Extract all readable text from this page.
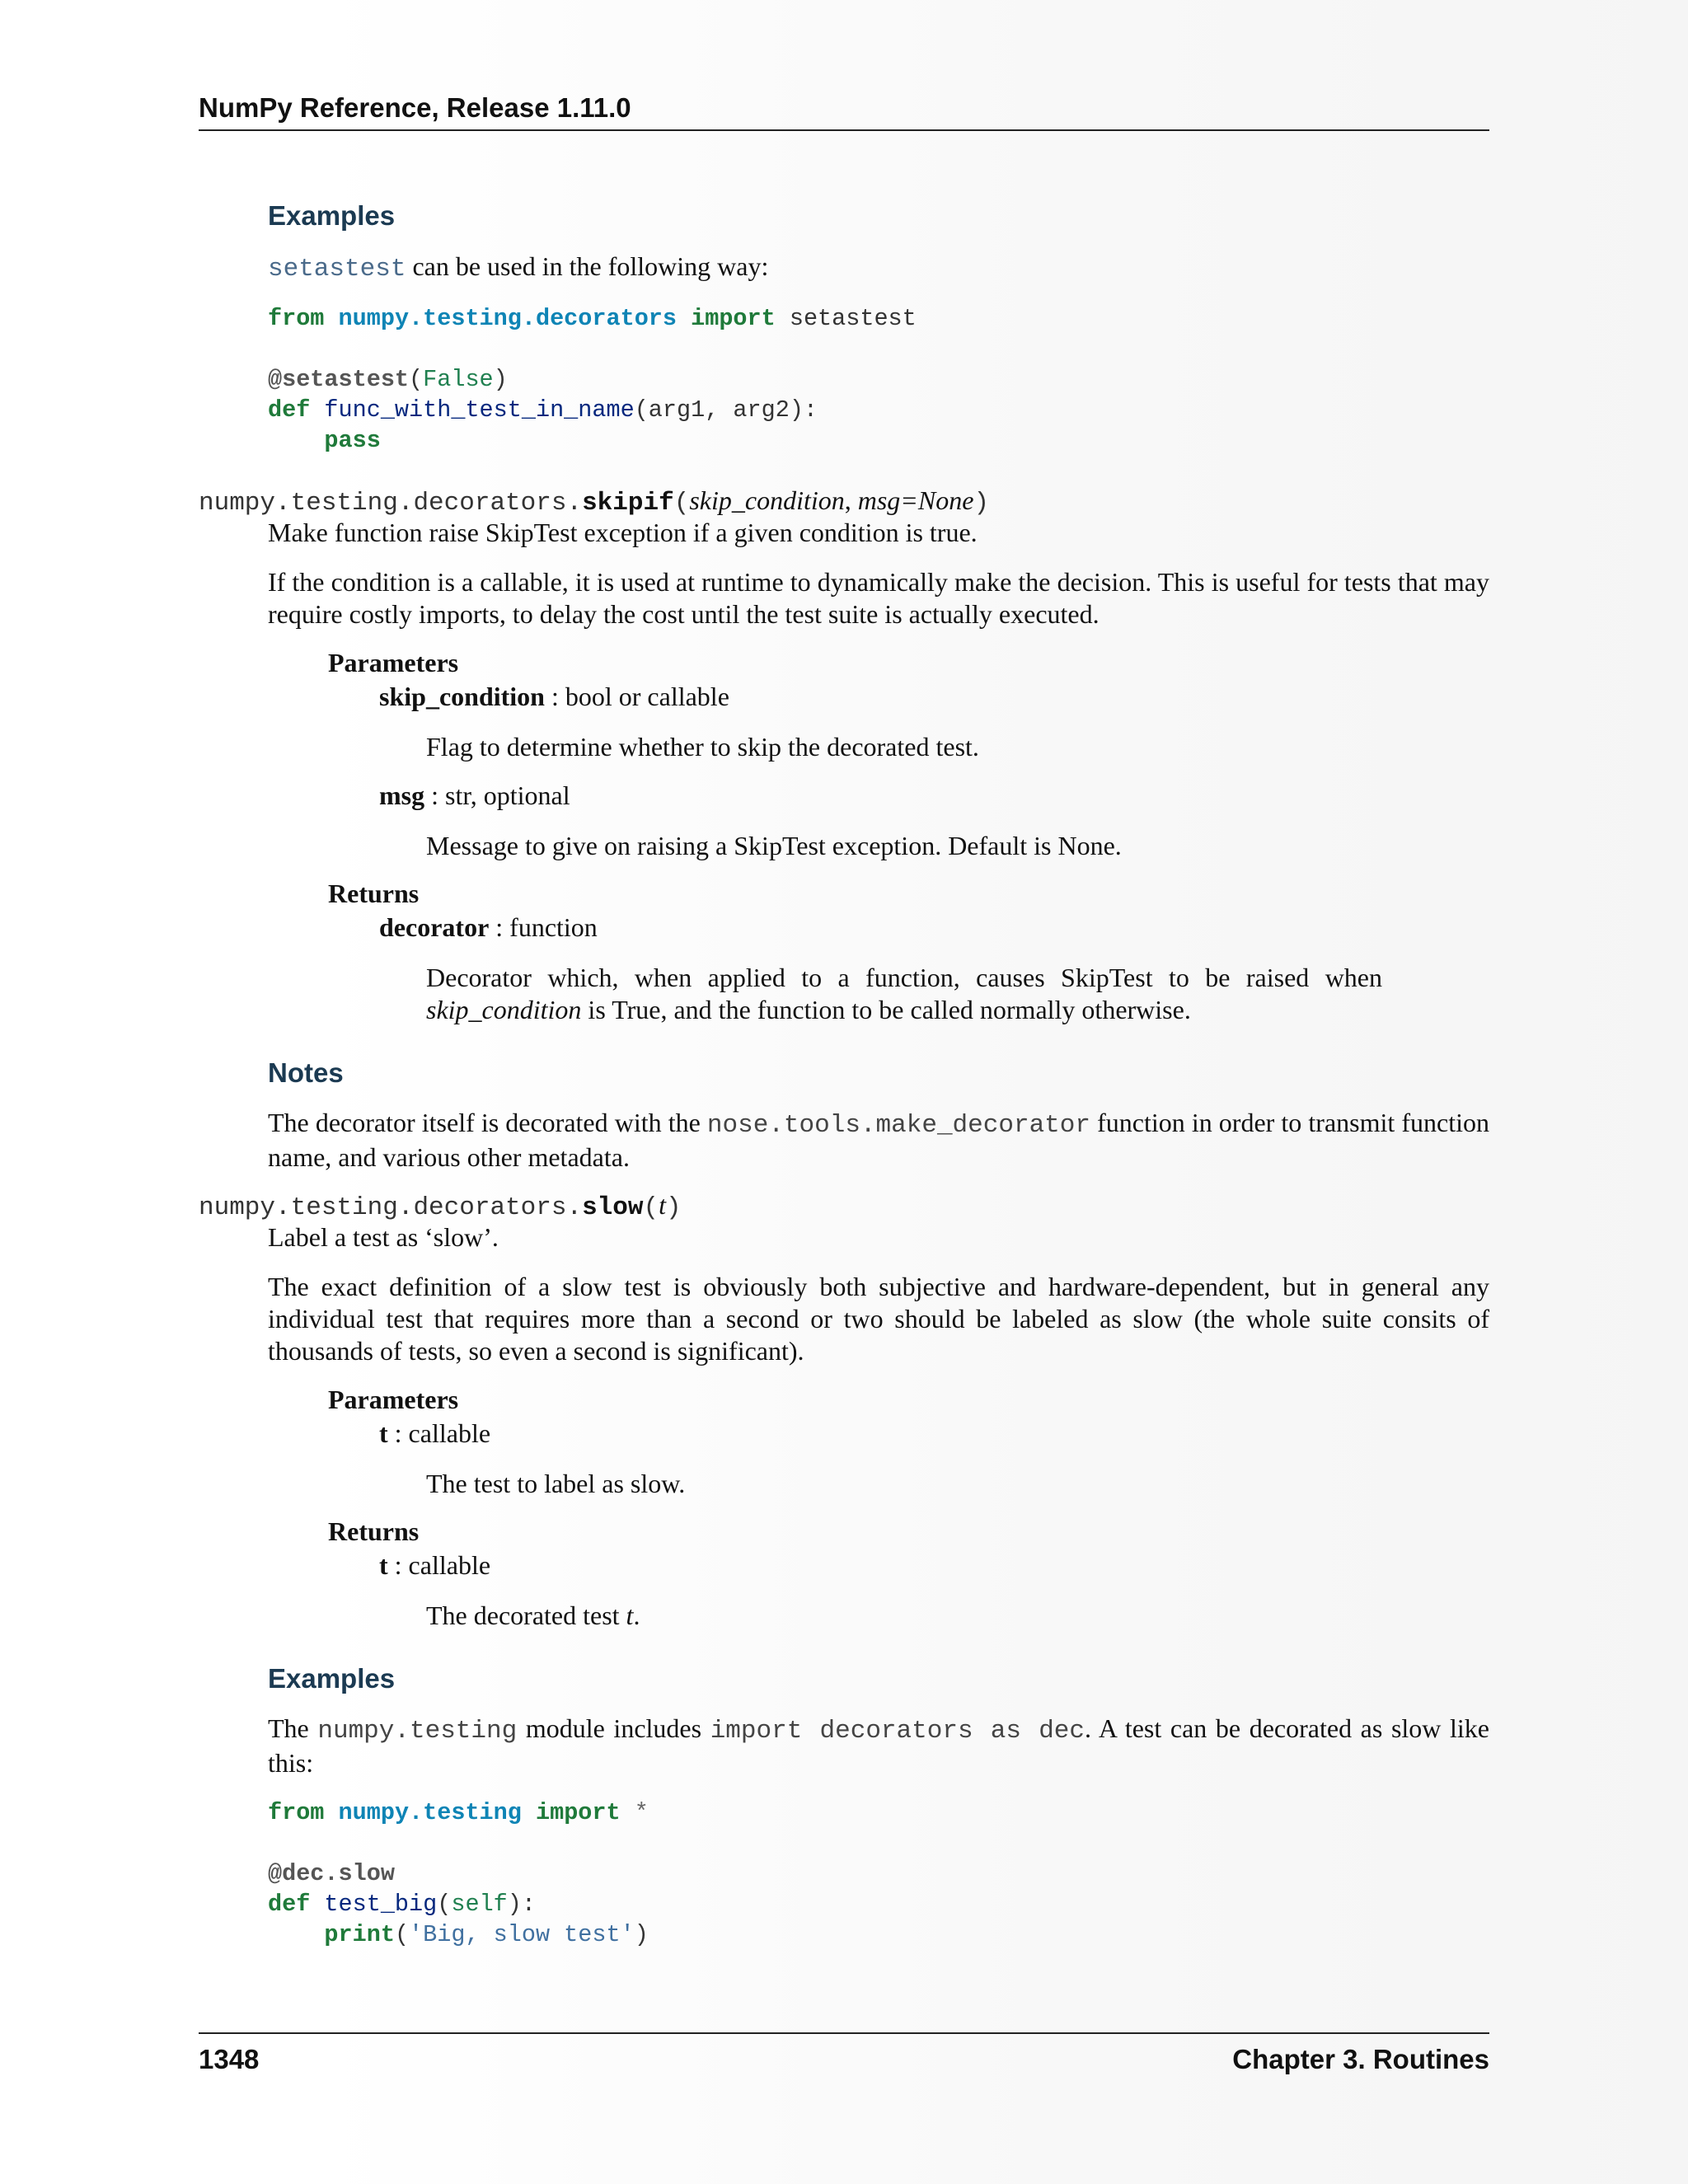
NumPy Reference, Release 1.11.0
Examples
setastest can be used in the following way:
from numpy.testing.decorators import setastest

@setastest(False)
def func_with_test_in_name(arg1, arg2):
pass
numpy.testing.decorators.skipif(skip_condition, msg=None)
Make function raise SkipTest exception if a given condition is true.
If the condition is a callable, it is used at runtime to dynamically make the decision. This is useful for tests that may require costly imports, to delay the cost until the test suite is actually executed.
Parameters
skip_condition : bool or callable
Flag to determine whether to skip the decorated test.
msg : str, optional
Message to give on raising a SkipTest exception. Default is None.
Returns
decorator : function
Decorator which, when applied to a function, causes SkipTest to be raised when skip_condition is True, and the function to be called normally otherwise.
Notes
The decorator itself is decorated with the nose.tools.make_decorator function in order to transmit function name, and various other metadata.
numpy.testing.decorators.slow(t)
Label a test as ‘slow’.
The exact definition of a slow test is obviously both subjective and hardware-dependent, but in general any individual test that requires more than a second or two should be labeled as slow (the whole suite consits of thousands of tests, so even a second is significant).
Parameters
t : callable
The test to label as slow.
Returns
t : callable
The decorated test t.
Examples
The numpy.testing module includes import decorators as dec. A test can be decorated as slow like this:
from numpy.testing import *

@dec.slow
def test_big(self):
print('Big, slow test')
1348	Chapter 3. Routines
